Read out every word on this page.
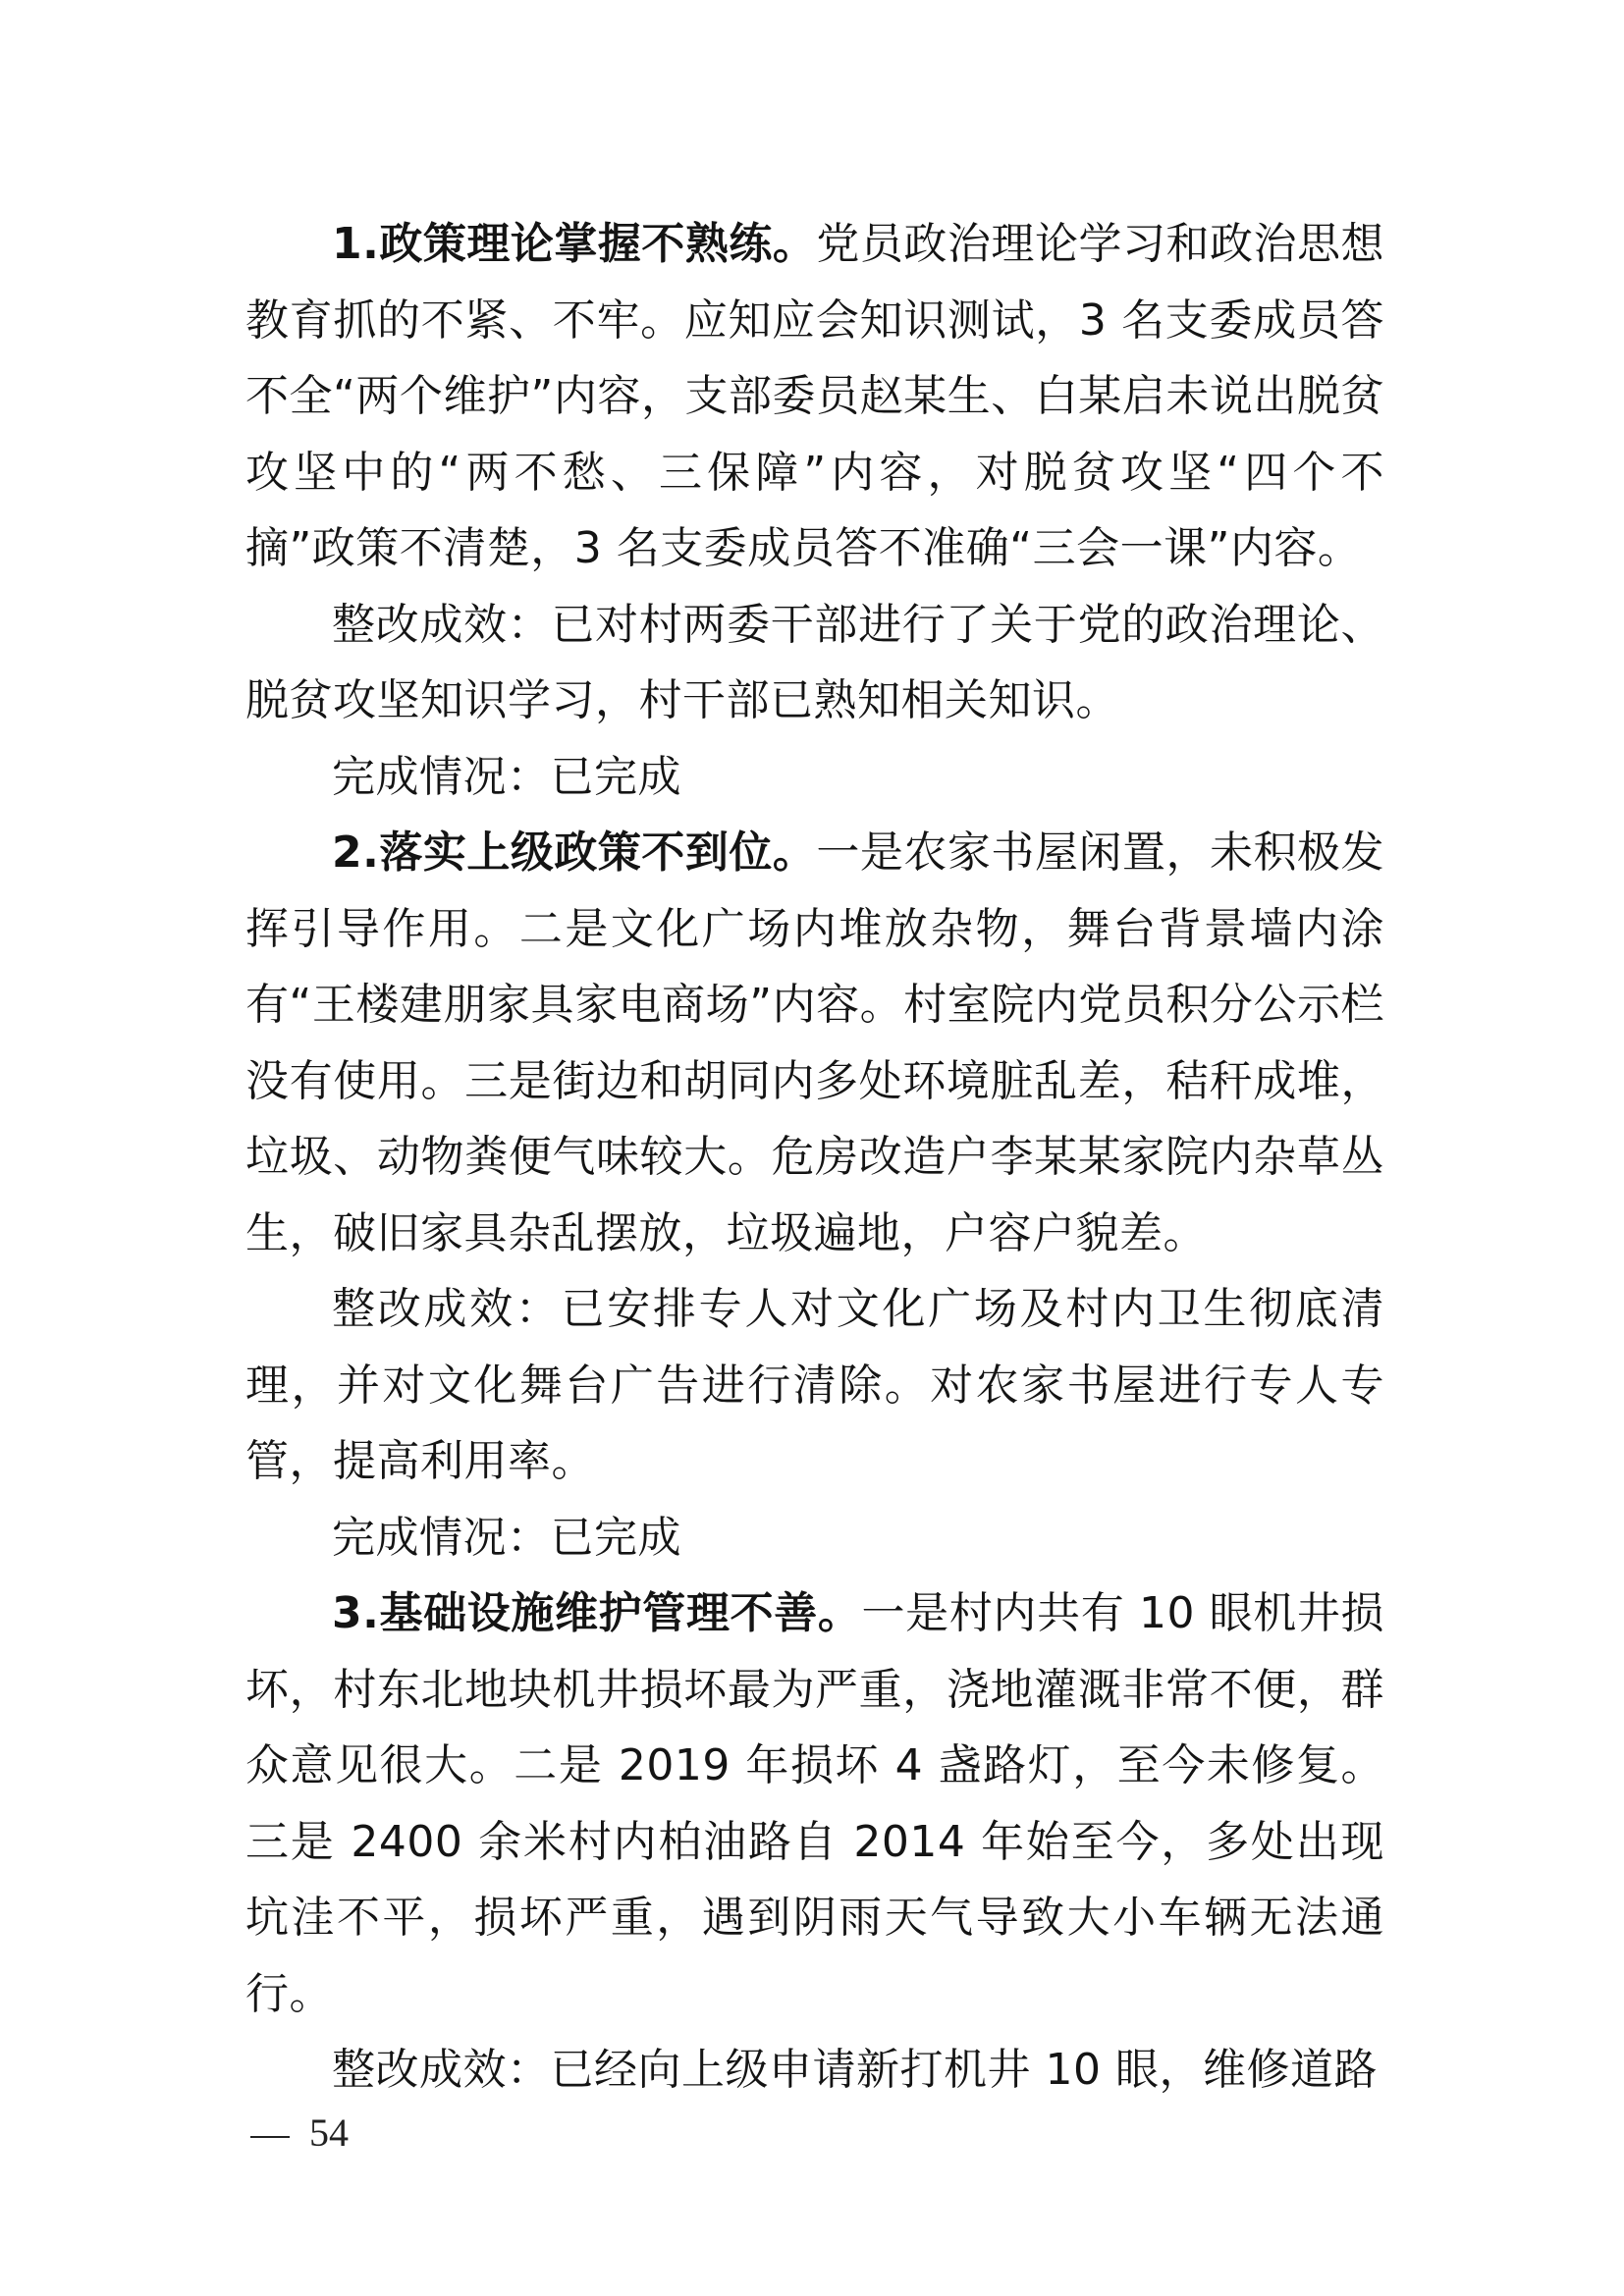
1.政策理论掌握不熟练。党员政治理论学习和政治思想教育抓的不紧、不牢。应知应会知识测试，3 名支委成员答不全“两个维护”内容，支部委员赵某生、白某启未说出脱贫攻坚中的“两不愁、三保障”内容，对脱贫攻坚“四个不摘”政策不清楚，3 名支委成员答不准确“三会一课”内容。

整改成效：已对村两委干部进行了关于党的政治理论、脱贫攻坚知识学习，村干部已熟知相关知识。

完成情况：已完成

2.落实上级政策不到位。一是农家书屋闲置，未积极发挥引导作用。二是文化广场内堆放杂物，舞台背景墙内涂有“王楼建朋家具家电商场”内容。村室院内党员积分公示栏没有使用。三是街边和胡同内多处环境脏乱差，秸秆成堆，垃圾、动物粪便气味较大。危房改造户李某某家院内杂草丛生，破旧家具杂乱摆放，垃圾遍地，户容户貌差。

整改成效：已安排专人对文化广场及村内卫生彻底清理，并对文化舞台广告进行清除。对农家书屋进行专人专管，提高利用率。

完成情况：已完成

3.基础设施维护管理不善。一是村内共有 10 眼机井损坏，村东北地块机井损坏最为严重，浇地灌溉非常不便，群众意见很大。二是 2019 年损坏 4 盏路灯，至今未修复。三是 2400 余米村内柏油路自 2014 年始至今，多处出现坑洼不平，损坏严重，遇到阴雨天气导致大小车辆无法通行。

整改成效：已经向上级申请新打机井 10 眼，维修道路

54
